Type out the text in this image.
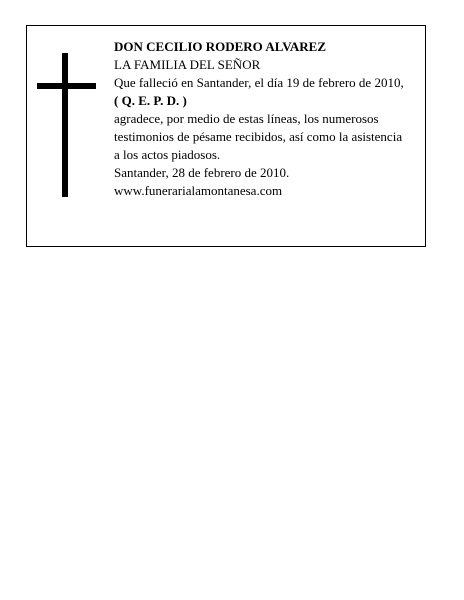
DON CECILIO RODERO ALVAREZ
LA FAMILIA DEL SEÑOR
Que falleció en Santander, el día 19 de febrero de 2010,
( Q. E. P. D. )
agradece, por medio de estas líneas, los numerosos
testimonios de pésame recibidos, así como la asistencia
a los actos piadosos.
Santander, 28 de febrero de 2010.
www.funerarialamontanesa.com
